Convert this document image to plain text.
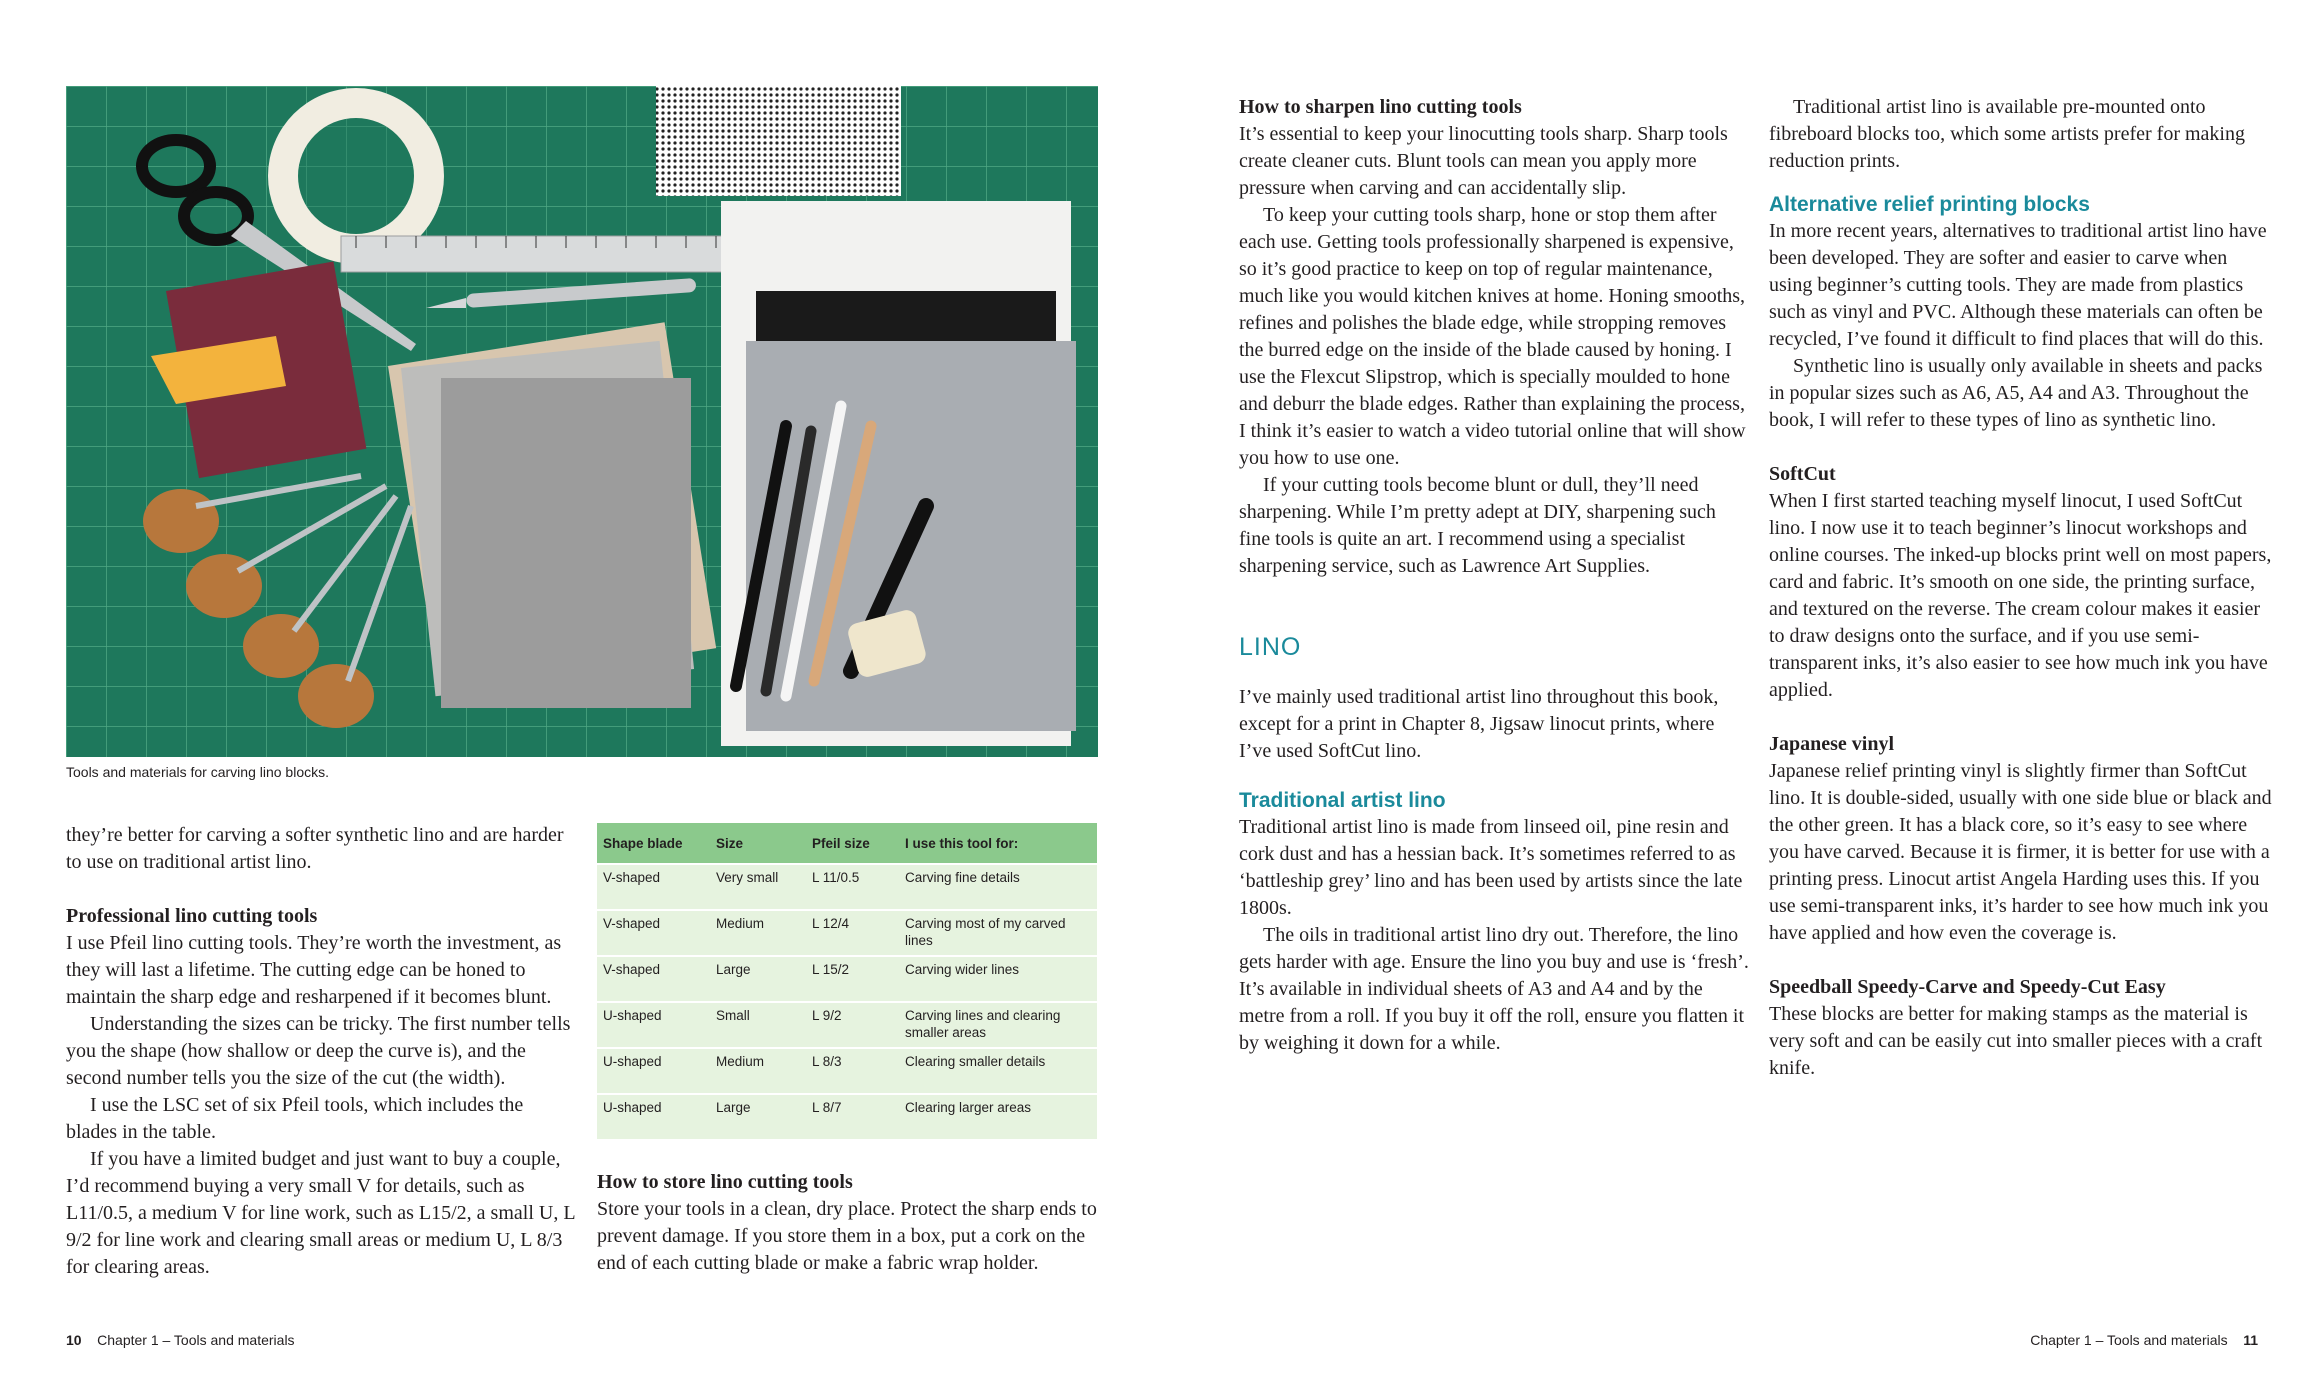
Tools and materials for carving lino blocks.

they’re better for carving a softer synthetic lino and are harder to use on traditional artist lino.

Professional lino cutting tools

I use Pfeil lino cutting tools. They’re worth the investment, as they will last a lifetime. The cutting edge can be honed to maintain the sharp edge and resharpened if it becomes blunt.

Understanding the sizes can be tricky. The first number tells you the shape (how shallow or deep the curve is), and the second number tells you the size of the cut (the width).

I use the LSC set of six Pfeil tools, which includes the blades in the table.

If you have a limited budget and just want to buy a couple, I’d recommend buying a very small V for details, such as L11/0.5, a medium V for line work, such as L15/2, a small U, L 9/2 for line work and clearing small areas or medium U, L 8/3 for clearing areas.

Shape blade	Size	Pfeil size	I use this tool for:
V-shaped	Very small	L 11/0.5	Carving fine details
V-shaped	Medium	L 12/4	Carving most of my carved lines
V-shaped	Large	L 15/2	Carving wider lines
U-shaped	Small	L 9/2	Carving lines and clearing smaller areas
U-shaped	Medium	L 8/3	Clearing smaller details
U-shaped	Large	L 8/7	Clearing larger areas

How to store lino cutting tools

Store your tools in a clean, dry place. Protect the sharp ends to prevent damage. If you store them in a box, put a cork on the end of each cutting blade or make a fabric wrap holder.

10 Chapter 1 – Tools and materials

How to sharpen lino cutting tools

It’s essential to keep your linocutting tools sharp. Sharp tools create cleaner cuts. Blunt tools can mean you apply more pressure when carving and can accidentally slip.

To keep your cutting tools sharp, hone or stop them after each use. Getting tools professionally sharpened is expensive, so it’s good practice to keep on top of regular maintenance, much like you would kitchen knives at home. Honing smooths, refines and polishes the blade edge, while stropping removes the burred edge on the inside of the blade caused by honing. I use the Flexcut Slipstrop, which is specially moulded to hone and deburr the blade edges. Rather than explaining the process, I think it’s easier to watch a video tutorial online that will show you how to use one.

If your cutting tools become blunt or dull, they’ll need sharpening. While I’m pretty adept at DIY, sharpening such fine tools is quite an art. I recommend using a specialist sharpening service, such as Lawrence Art Supplies.

LINO

I’ve mainly used traditional artist lino throughout this book, except for a print in Chapter 8, Jigsaw linocut prints, where I’ve used SoftCut lino.

Traditional artist lino

Traditional artist lino is made from linseed oil, pine resin and cork dust and has a hessian back. It’s sometimes referred to as ‘battleship grey’ lino and has been used by artists since the late 1800s.

The oils in traditional artist lino dry out. Therefore, the lino gets harder with age. Ensure the lino you buy and use is ‘fresh’. It’s available in individual sheets of A3 and A4 and by the metre from a roll. If you buy it off the roll, ensure you flatten it by weighing it down for a while.

Traditional artist lino is available pre-mounted onto fibreboard blocks too, which some artists prefer for making reduction prints.

Alternative relief printing blocks

In more recent years, alternatives to traditional artist lino have been developed. They are softer and easier to carve when using beginner’s cutting tools. They are made from plastics such as vinyl and PVC. Although these materials can often be recycled, I’ve found it difficult to find places that will do this.

Synthetic lino is usually only available in sheets and packs in popular sizes such as A6, A5, A4 and A3. Throughout the book, I will refer to these types of lino as synthetic lino.

SoftCut

When I first started teaching myself linocut, I used SoftCut lino. I now use it to teach beginner’s linocut workshops and online courses. The inked-up blocks print well on most papers, card and fabric. It’s smooth on one side, the printing surface, and textured on the reverse. The cream colour makes it easier to draw designs onto the surface, and if you use semi-transparent inks, it’s also easier to see how much ink you have applied.

Japanese vinyl

Japanese relief printing vinyl is slightly firmer than SoftCut lino. It is double-sided, usually with one side blue or black and the other green. It has a black core, so it’s easy to see where you have carved. Because it is firmer, it is better for use with a printing press. Linocut artist Angela Harding uses this. If you use semi-transparent inks, it’s harder to see how much ink you have applied and how even the coverage is.

Speedball Speedy-Carve and Speedy-Cut Easy

These blocks are better for making stamps as the material is very soft and can be easily cut into smaller pieces with a craft knife.

Chapter 1 – Tools and materials 11
